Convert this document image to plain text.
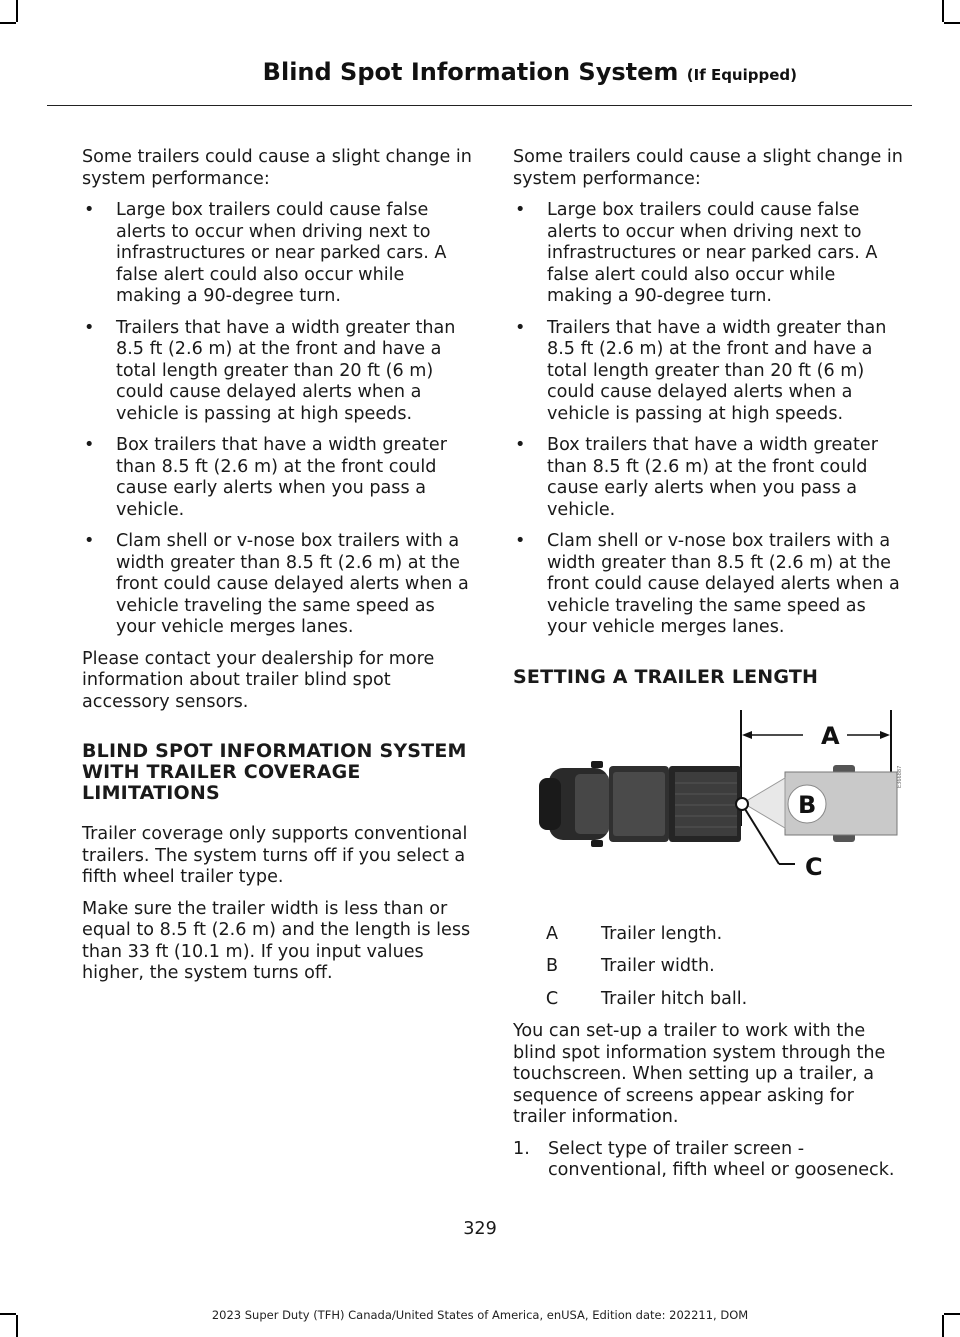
Blind Spot Information System (If Equipped)

Some trailers could cause a slight change in system performance:

• Large box trailers could cause false alerts to occur when driving next to infrastructures or near parked cars. A false alert could also occur while making a 90-degree turn.
• Trailers that have a width greater than 8.5 ft (2.6 m) at the front and have a total length greater than 20 ft (6 m) could cause delayed alerts when a vehicle is passing at high speeds.
• Box trailers that have a width greater than 8.5 ft (2.6 m) at the front could cause early alerts when you pass a vehicle.
• Clam shell or v-nose box trailers with a width greater than 8.5 ft (2.6 m) at the front could cause delayed alerts when a vehicle traveling the same speed as your vehicle merges lanes.

Please contact your dealership for more information about trailer blind spot accessory sensors.

BLIND SPOT INFORMATION SYSTEM WITH TRAILER COVERAGE LIMITATIONS

Trailer coverage only supports conventional trailers. The system turns off if you select a fifth wheel trailer type.

Make sure the trailer width is less than or equal to 8.5 ft (2.6 m) and the length is less than 33 ft (10.1 m). If you input values higher, the system turns off.

Some trailers could cause a slight change in system performance:

• Large box trailers could cause false alerts to occur when driving next to infrastructures or near parked cars. A false alert could also occur while making a 90-degree turn.
• Trailers that have a width greater than 8.5 ft (2.6 m) at the front and have a total length greater than 20 ft (6 m) could cause delayed alerts when a vehicle is passing at high speeds.
• Box trailers that have a width greater than 8.5 ft (2.6 m) at the front could cause early alerts when you pass a vehicle.
• Clam shell or v-nose box trailers with a width greater than 8.5 ft (2.6 m) at the front could cause delayed alerts when a vehicle traveling the same speed as your vehicle merges lanes.
SETTING A TRAILER LENGTH
A
B
C
E366887
A	Trailer length.
B	Trailer width.
C	Trailer hitch ball.

You can set-up a trailer to work with the blind spot information system through the touchscreen. When setting up a trailer, a sequence of screens appear asking for trailer information.

1. Select type of trailer screen - conventional, fifth wheel or gooseneck.
329
2023 Super Duty (TFH) Canada/United States of America, enUSA, Edition date: 202211, DOM
